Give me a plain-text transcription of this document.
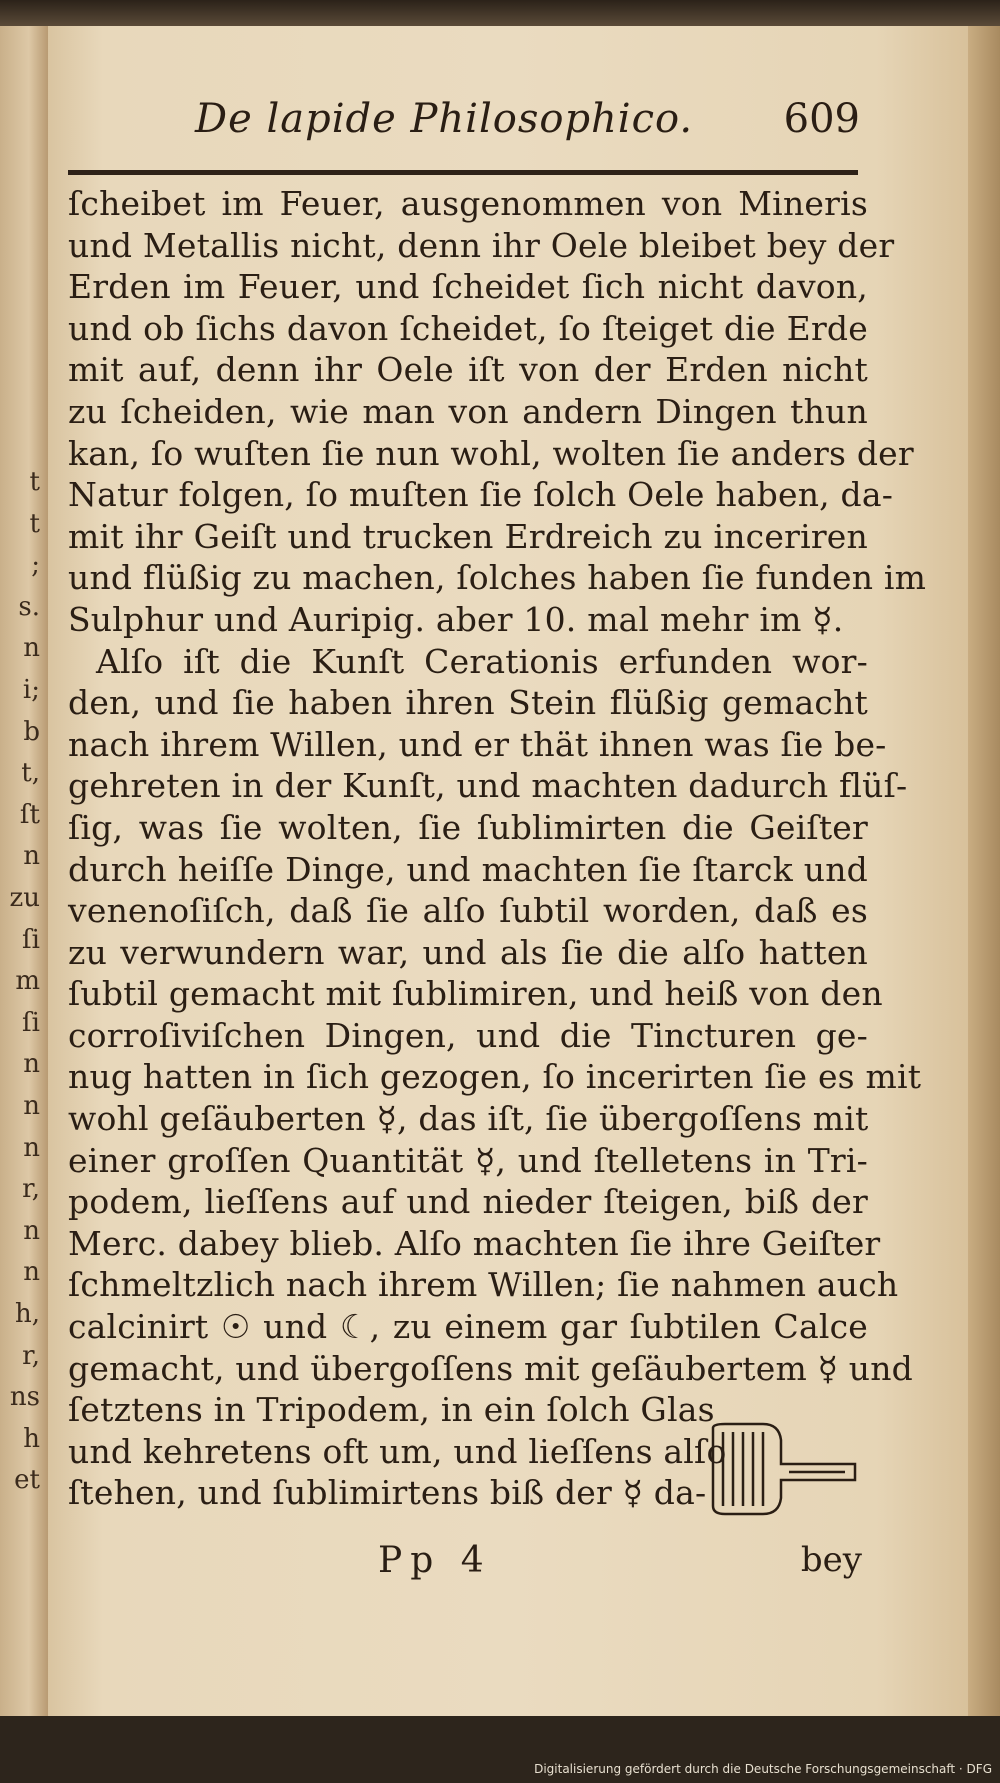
t
t
;
s.
n
i;
b
t,
ſt
n
zu
ſi
m
ſi
n
n
n
r,
n
n
h,
r,
ns
h
et
De lapide Philosophico. 609
ſcheibet im Feuer, ausgenommen von Mineris
und Metallis nicht, denn ihr Oele bleibet bey der
Erden im Feuer, und ſcheidet ſich nicht davon,
und ob ſichs davon ſcheidet, ſo ſteiget die Erde
mit auf, denn ihr Oele iſt von der Erden nicht
zu ſcheiden, wie man von andern Dingen thun
kan, ſo wuſten ſie nun wohl, wolten ſie anders der
Natur folgen, ſo muſten ſie ſolch Oele haben, da-
mit ihr Geiſt und trucken Erdreich zu inceriren
und flüßig zu machen, ſolches haben ſie funden im
Sulphur und Auripig. aber 10. mal mehr im ☿.
Alſo iſt die Kunſt Cerationis erfunden wor-
den, und ſie haben ihren Stein flüßig gemacht
nach ihrem Willen, und er thät ihnen was ſie be-
gehreten in der Kunſt, und machten dadurch flüſ-
ſig, was ſie wolten, ſie ſublimirten die Geiſter
durch heiſſe Dinge, und machten ſie ſtarck und
venenoſiſch, daß ſie alſo ſubtil worden, daß es
zu verwundern war, und als ſie die alſo hatten
ſubtil gemacht mit ſublimiren, und heiß von den
corroſiviſchen Dingen, und die Tincturen ge-
nug hatten in ſich gezogen, ſo incerirten ſie es mit
wohl geſäuberten ☿, das iſt, ſie übergoſſens mit
einer groſſen Quantität ☿, und ſtelletens in Tri-
podem, lieſſens auf und nieder ſteigen, biß der
Merc. dabey blieb. Alſo machten ſie ihre Geiſter
ſchmeltzlich nach ihrem Willen; ſie nahmen auch
calcinirt ☉ und ☾, zu einem gar ſubtilen Calce
gemacht, und übergoſſens mit geſäubertem ☿ und
ſetztens in Tripodem, in ein ſolch Glas
und kehretens oft um, und lieſſens alſo
ſtehen, und ſublimirtens biß der ☿ da-
Pp 4	bey
Digitalisierung gefördert durch die Deutsche Forschungsgemeinschaft · DFG
